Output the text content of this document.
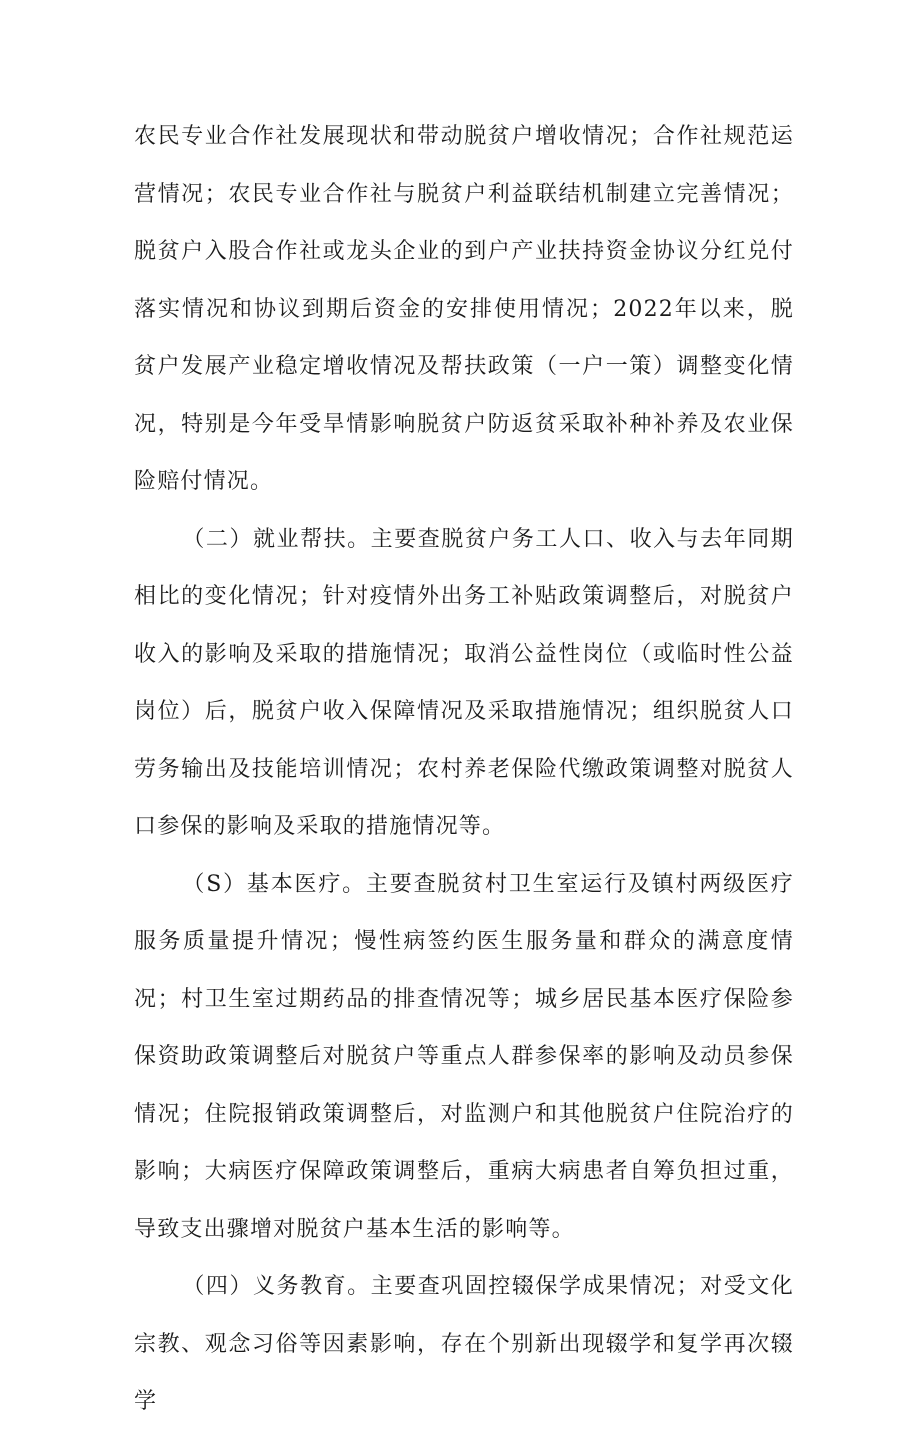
农民专业合作社发展现状和带动脱贫户增收情况；合作社规范运营情况；农民专业合作社与脱贫户利益联结机制建立完善情况；脱贫户入股合作社或龙头企业的到户产业扶持资金协议分红兑付落实情况和协议到期后资金的安排使用情况；2022年以来，脱贫户发展产业稳定增收情况及帮扶政策（一户一策）调整变化情况，特别是今年受旱情影响脱贫户防返贫采取补种补养及农业保险赔付情况。

（二）就业帮扶。主要查脱贫户务工人口、收入与去年同期相比的变化情况；针对疫情外出务工补贴政策调整后，对脱贫户收入的影响及采取的措施情况；取消公益性岗位（或临时性公益岗位）后，脱贫户收入保障情况及采取措施情况；组织脱贫人口劳务输出及技能培训情况；农村养老保险代缴政策调整对脱贫人口参保的影响及采取的措施情况等。

（S）基本医疗。主要查脱贫村卫生室运行及镇村两级医疗服务质量提升情况；慢性病签约医生服务量和群众的满意度情况；村卫生室过期药品的排查情况等；城乡居民基本医疗保险参保资助政策调整后对脱贫户等重点人群参保率的影响及动员参保情况；住院报销政策调整后，对监测户和其他脱贫户住院治疗的影响；大病医疗保障政策调整后，重病大病患者自筹负担过重，导致支出骤增对脱贫户基本生活的影响等。

（四）义务教育。主要查巩固控辍保学成果情况；对受文化宗教、观念习俗等因素影响，存在个别新出现辍学和复学再次辍学
